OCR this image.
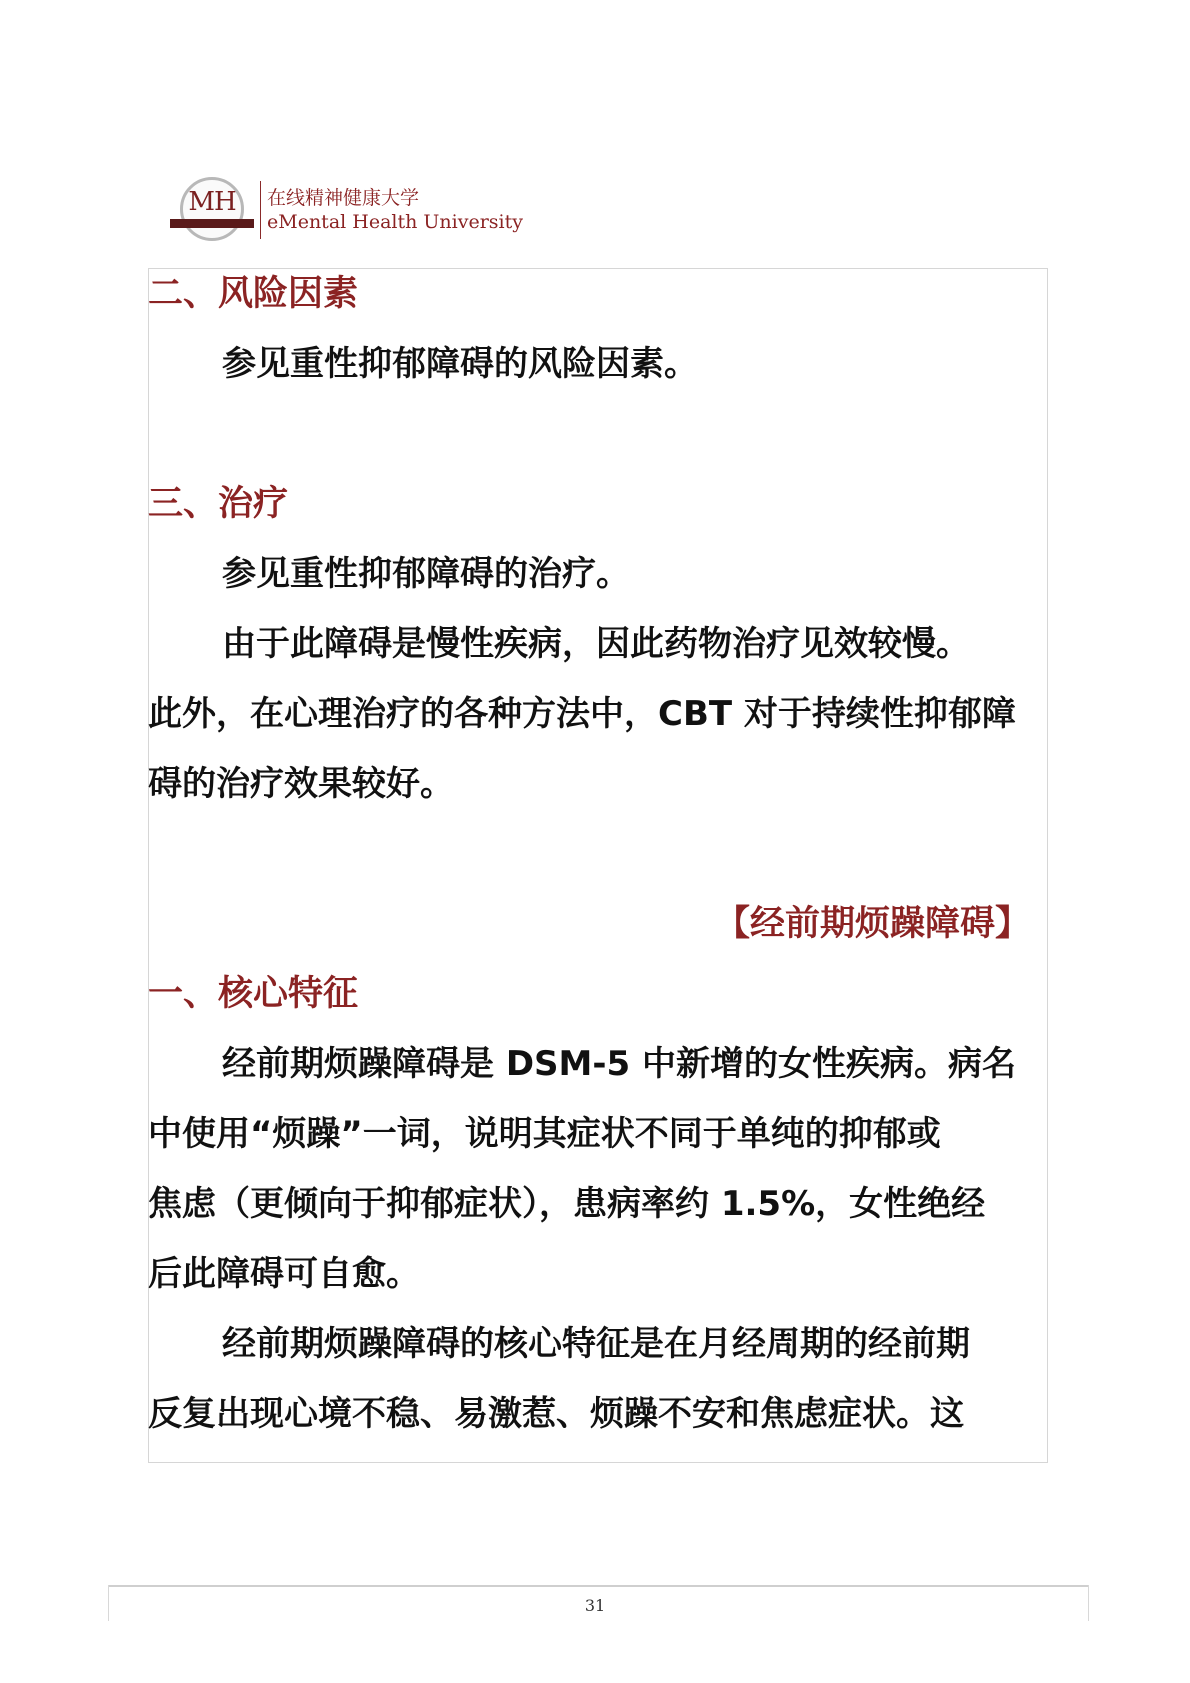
MH	在线精神健康大学
eMental Health University
二、风险因素
参见重性抑郁障碍的风险因素。
三、治疗
参见重性抑郁障碍的治疗。
由于此障碍是慢性疾病，因此药物治疗见效较慢。
此外，在心理治疗的各种方法中，CBT 对于持续性抑郁障
碍的治疗效果较好。
【经前期烦躁障碍】
一、核心特征
经前期烦躁障碍是 DSM-5 中新增的女性疾病。病名
中使用“烦躁”一词，说明其症状不同于单纯的抑郁或
焦虑（更倾向于抑郁症状），患病率约 1.5%，女性绝经
后此障碍可自愈。
经前期烦躁障碍的核心特征是在月经周期的经前期
反复出现心境不稳、易激惹、烦躁不安和焦虑症状。这
31
